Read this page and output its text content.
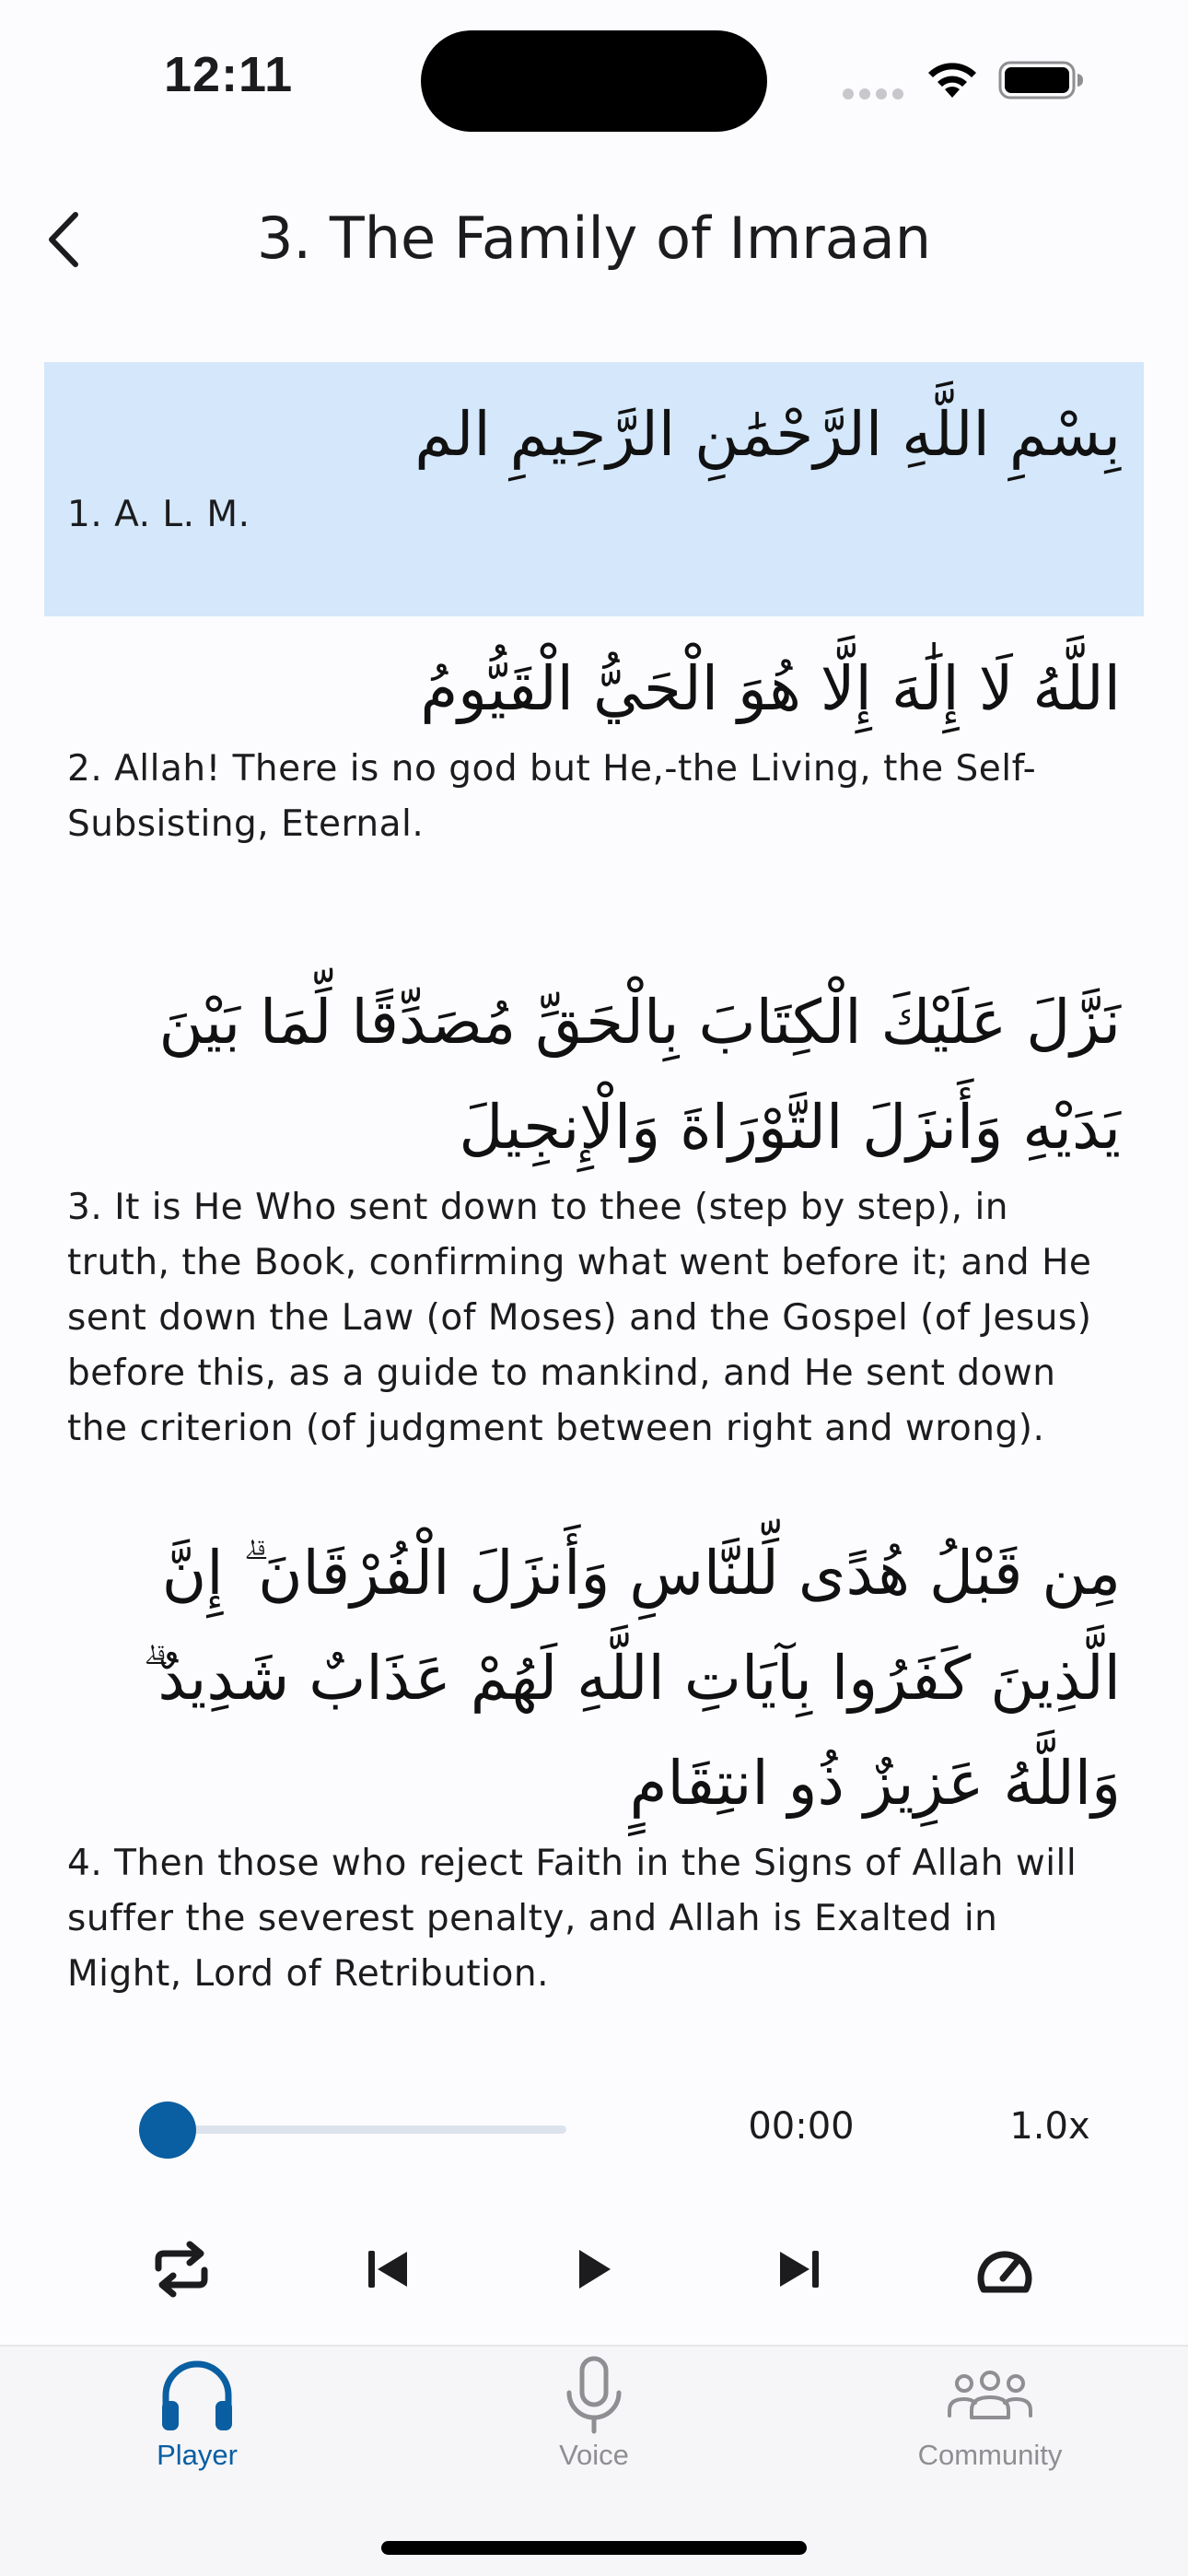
12:11
3. The Family of Imraan
بِسْمِ اللَّهِ الرَّحْمَٰنِ الرَّحِيمِ الم
1. A. L. M.
اللَّهُ لَا إِلَٰهَ إِلَّا هُوَ الْحَيُّ الْقَيُّومُ
2. Allah! There is no god but He,-the Living, the Self-Subsisting, Eternal.
نَزَّلَ عَلَيْكَ الْكِتَابَ بِالْحَقِّ مُصَدِّقًا لِّمَا بَيْنَ يَدَيْهِ وَأَنزَلَ التَّوْرَاةَ وَالْإِنجِيلَ
3. It is He Who sent down to thee (step by step), in truth, the Book, confirming what went before it; and He sent down the Law (of Moses) and the Gospel (of Jesus) before this, as a guide to mankind, and He sent down the criterion (of judgment between right and wrong).
مِن قَبْلُ هُدًى لِّلنَّاسِ وَأَنزَلَ الْفُرْقَانَ ۗ إِنَّ الَّذِينَ كَفَرُوا بِآيَاتِ اللَّهِ لَهُمْ عَذَابٌ شَدِيدٌ ۗ وَاللَّهُ عَزِيزٌ ذُو انتِقَامٍ
4. Then those who reject Faith in the Signs of Allah will suffer the severest penalty, and Allah is Exalted in Might, Lord of Retribution.
00:00	1.0x
Player	Voice	Community
